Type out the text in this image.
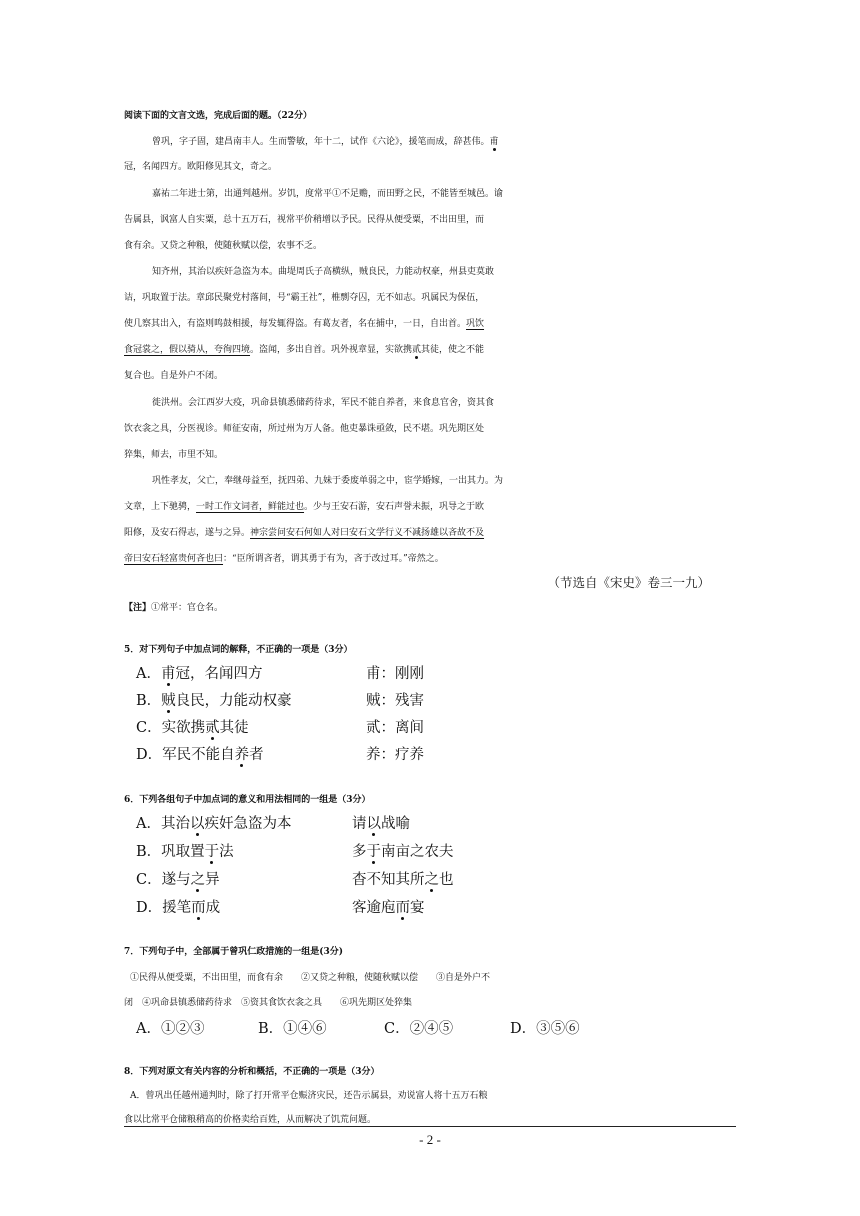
阅读下面的文言文选，完成后面的题。（22分）
曾巩，字子固，建昌南丰人。生而警敏，年十二，试作《六论》，援笔而成，辞甚伟。甫
冠，名闻四方。欧阳修见其文，奇之。
嘉祐二年进士第，出通判越州。岁饥，度常平①不足赡，而田野之民，不能皆至城邑。谕
告属县，讽富人自实粟，总十五万石，视常平价稍增以予民。民得从便受粟，不出田里，而
食有余。又贷之种粮，使随秋赋以偿，农事不乏。
知齐州，其治以疾奸急盗为本。曲堤周氏子高横纵，贼良民，力能动权豪，州县吏莫敢
诘，巩取置于法。章邱民聚党村落间，号“霸王社”，椎剽夺囚，无不如志。巩属民为保伍，
使几察其出入，有盗则鸣鼓相援，每发辄得盗。有葛友者，名在捕中，一日，自出首。巩饮
食冠裳之，假以骑从，夸徇四境。盗闻，多出自首。巩外视章显，实欲携贰其徒，使之不能
复合也。自是外户不闭。
徙洪州。会江西岁大疫，巩命县镇悉储药待求，军民不能自养者，来食息官舍，资其食
饮衣衾之具，分医视诊。师征安南，所过州为万人备。他吏暴诛亟敛，民不堪。巩先期区处
猝集，师去，市里不知。
巩性孝友，父亡，奉继母益至，抚四弟、九妹于委废单弱之中，宦学婚嫁，一出其力。为
文章，上下驰骋，一时工作文词者，鲜能过也。少与王安石游，安石声誉未振，巩导之于欧
阳修，及安石得志，遂与之异。神宗尝问安石何如人对曰安石文学行义不减扬雄以吝故不及
帝曰安石轻富贵何吝也曰：“臣所谓吝者，谓其勇于有为，吝于改过耳。”帝然之。
（节选自《宋史》卷三一九）
【注】①常平：官仓名。
5．对下列句子中加点词的解释，不正确的一项是（3分）
A．甫冠，名闻四方	甫：刚刚
B．贼良民，力能动权豪	贼：残害
C．实欲携贰其徒	贰：离间
D．军民不能自养者	养：疗养
6．下列各组句子中加点词的意义和用法相同的一组是（3分）
A．其治以疾奸急盗为本	请以战喻
B．巩取置于法	多于南亩之农夫
C．遂与之异	杳不知其所之也
D．援笔而成	客逾庖而宴
7．下列句子中，全部属于曾巩仁政措施的一组是(3分)
①民得从便受粟，不出田里，而食有余　　②又贷之种粮，使随秋赋以偿　　③自是外户不
闭　④巩命县镇悉储药待求　⑤资其食饮衣衾之具　　⑥巩先期区处猝集
A．①②③	B．①④⑥	C．②④⑤	D．③⑤⑥
8．下列对原文有关内容的分析和概括，不正确的一项是（3分）
A．曾巩出任越州通判时，除了打开常平仓赈济灾民，还告示属县，劝说富人将十五万石粮
食以比常平仓储粮稍高的价格卖给百姓，从而解决了饥荒问题。
- 2 -
